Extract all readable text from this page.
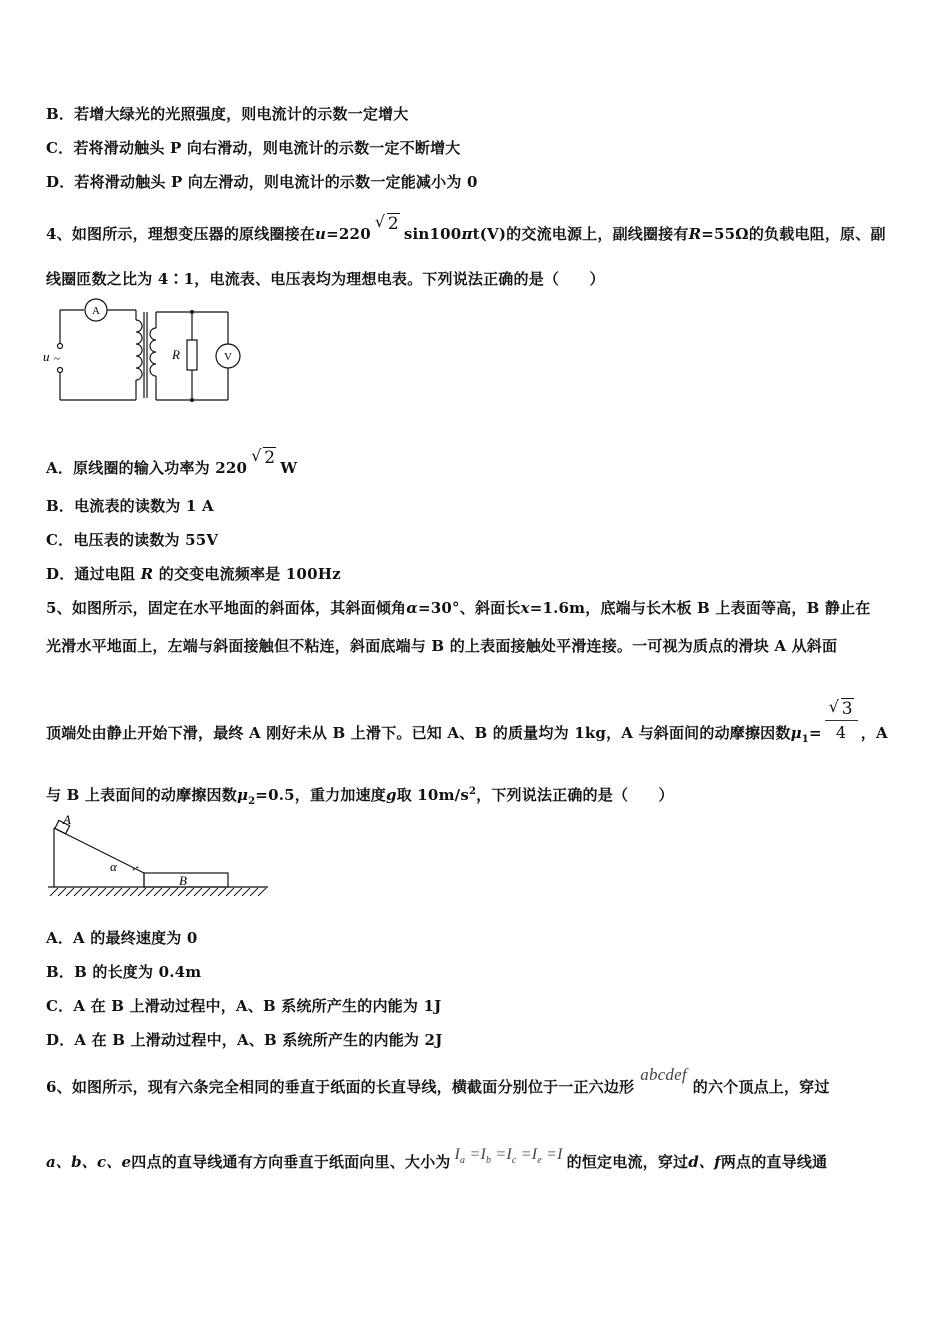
B．若增大绿光的光照强度，则电流计的示数一定增大
C．若将滑动触头 P 向右滑动，则电流计的示数一定不断增大
D．若将滑动触头 P 向左滑动，则电流计的示数一定能减小为 0
4、如图所示，理想变压器的原线圈接在u=220
√ 2 sin100πt(V)的交流电源上，副线圈接有R=55Ω的负载电阻，原、副
线圈匝数之比为 4∶1，电流表、电压表均为理想电表。下列说法正确的是（　　）
A
V
R
u ~
A．原线圈的输入功率为 220
√ 2 W
B．电流表的读数为 1 A
C．电压表的读数为 55V
D．通过电阻 R 的交变电流频率是 100Hz
5、如图所示，固定在水平地面的斜面体，其斜面倾角α=30°、斜面长x=1.6m，底端与长木板 B 上表面等高，B 静止在
光滑水平地面上，左端与斜面接触但不粘连，斜面底端与 B 的上表面接触处平滑连接。一可视为质点的滑块 A 从斜面
顶端处由静止开始下滑，最终 A 刚好未从 B 上滑下。已知 A、B 的质量均为 1kg，A 与斜面间的动摩擦因数$\mu_1= \frac{√ 3}{4}$ ，A
与 B 上表面间的动摩擦因数$\mu_2=0.5$，重力加速度g取 $10m/s^2$，下列说法正确的是（　　）
A
B
α
A．A 的最终速度为 0
B．B 的长度为 0.4m
C．A 在 B 上滑动过程中，A、B 系统所产生的内能为 1J
D．A 在 B 上滑动过程中，A、B 系统所产生的内能为 2J
6、如图所示，现有六条完全相同的垂直于纸面的长直导线，横截面分别位于一正六边形abcdef的六个顶点上，穿过
a、b、c、e四点的直导线通有方向垂直于纸面向里、大小为 $I_a =I_b =I_c =I_e =I$ 的恒定电流，穿过d、f两点的直导线通
